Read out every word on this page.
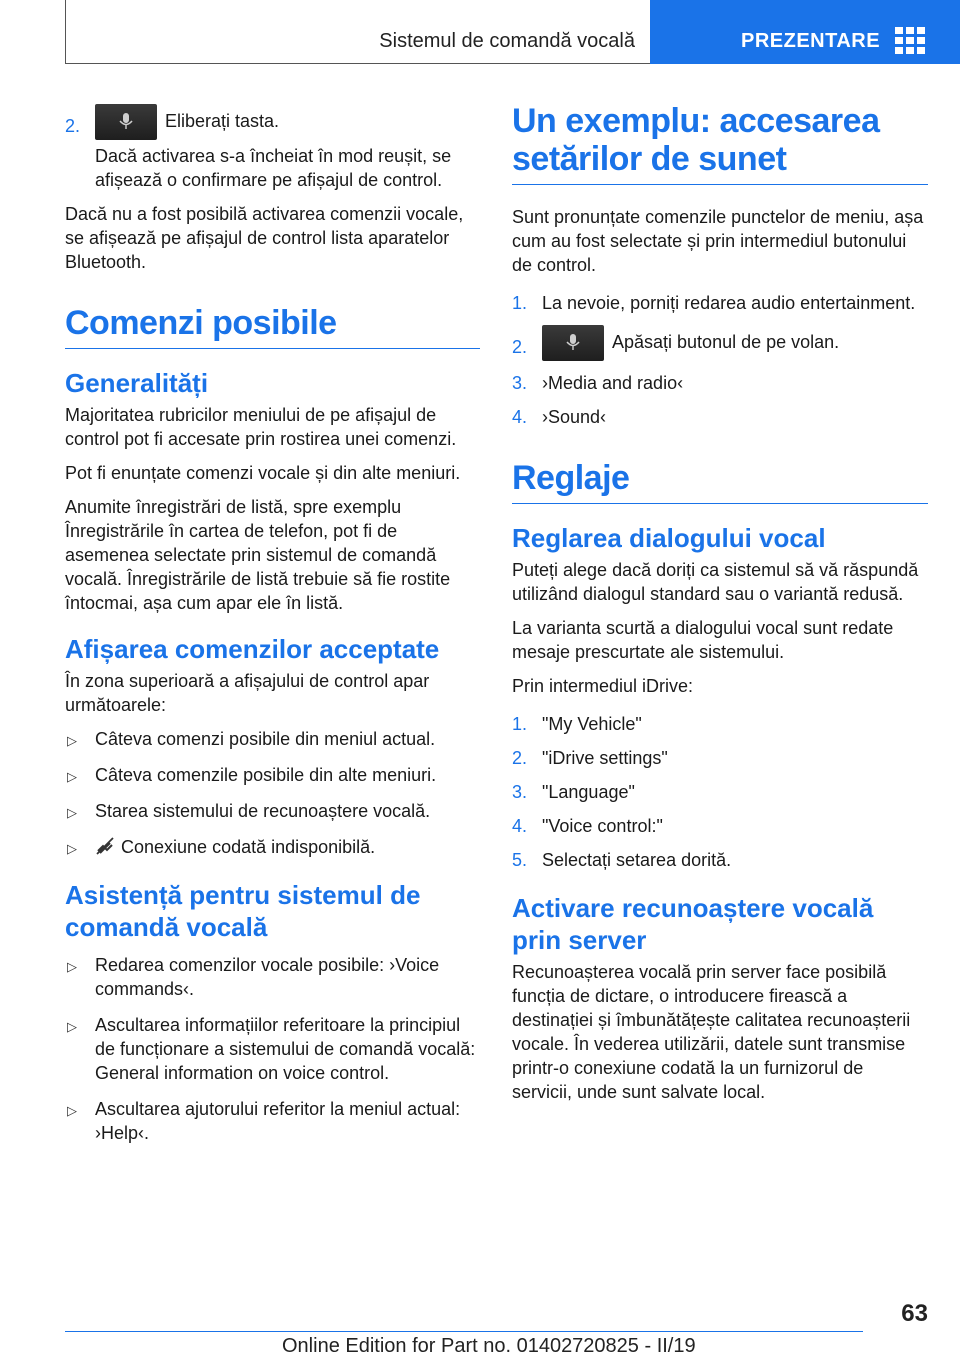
Sistemul de comandă vocală	PREZENTARE
2.	Eliberați tasta.
Dacă activarea s-a încheiat în mod reușit, se afișează o confirmare pe afișajul de control.

Dacă nu a fost posibilă activarea comenzii vocale, se afișează pe afișajul de control lista aparatelor Bluetooth.

Comenzi posibile
Generalități

Majoritatea rubricilor meniului de pe afișajul de control pot fi accesate prin rostirea unei comenzi.

Pot fi enunțate comenzi vocale și din alte meniuri.

Anumite înregistrări de listă, spre exemplu Înregistrările în cartea de telefon, pot fi de asemenea selectate prin sistemul de comandă vocală. Înregistrările de listă trebuie să fie rostite întocmai, așa cum apar ele în listă.

Afișarea comenzilor acceptate

În zona superioară a afișajului de control apar următoarele:

▷ Câteva comenzi posibile din meniul actual.
▷ Câteva comenzile posibile din alte meniuri.
▷ Starea sistemului de recunoaștere vocală.
▷ Conexiune codată indisponibilă.
Asistență pentru sistemul de comandă vocală
▷ Redarea comenzilor vocale posibile: ›Voice commands‹.
▷ Ascultarea informațiilor referitoare la principiul de funcționare a sistemului de comandă vocală: General information on voice control.
▷ Ascultarea ajutorului referitor la meniul actual: ›Help‹.
Un exemplu: accesarea setărilor de sunet

Sunt pronunțate comenzile punctelor de meniu, așa cum au fost selectate și prin intermediul butonului de control.

1. La nevoie, porniți redarea audio entertainment.
2.	Apăsați butonul de pe volan.
3. ›Media and radio‹
4. ›Sound‹
Reglaje
Reglarea dialogului vocal

Puteți alege dacă doriți ca sistemul să vă răspundă utilizând dialogul standard sau o variantă redusă.

La varianta scurtă a dialogului vocal sunt redate mesaje prescurtate ale sistemului.

Prin intermediul iDrive:

1. "My Vehicle"
2. "iDrive settings"
3. "Language"
4. "Voice control:"
5. Selectați setarea dorită.
Activare recunoaștere vocală prin server

Recunoașterea vocală prin server face posibilă funcția de dictare, o introducere firească a destinației și îmbunătățește calitatea recunoașterii vocale. În vederea utilizării, datele sunt transmise printr-o conexiune codată la un furnizorul de servicii, unde sunt salvate local.

63
Online Edition for Part no. 01402720825 - II/19
